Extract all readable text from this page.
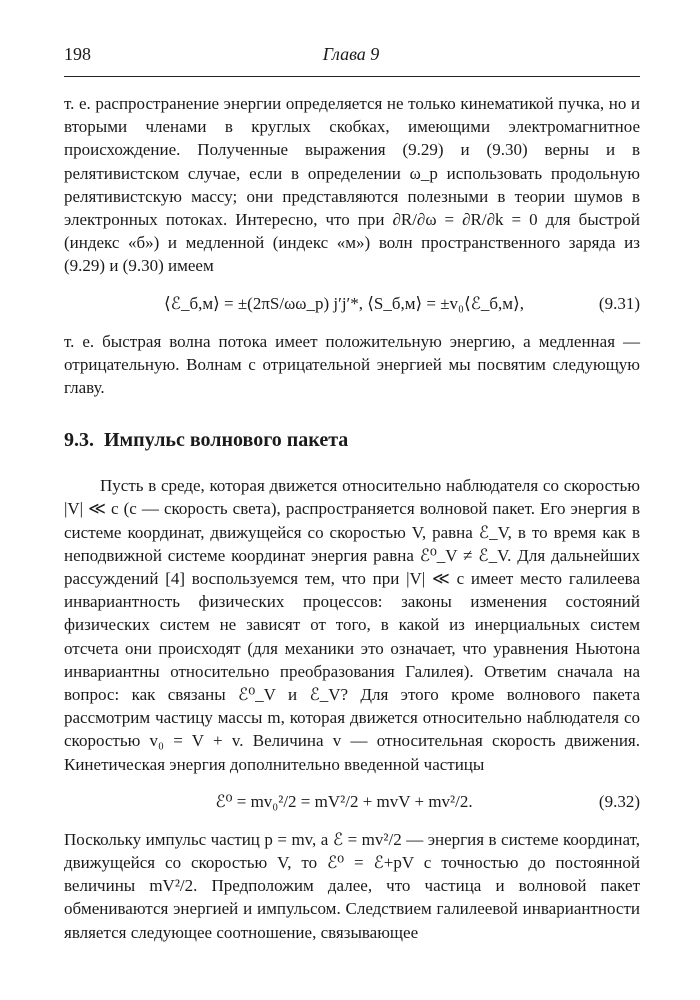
198	Глава 9

т. е. распространение энергии определяется не только кинематикой пучка, но и вторыми членами в круглых скобках, имеющими электромагнитное происхождение. Полученные выражения (9.29) и (9.30) верны и в релятивистском случае, если в определении ω_p использовать продольную релятивистскую массу; они представляются полезными в теории шумов в электронных потоках. Интересно, что при ∂R/∂ω = ∂R/∂k = 0 для быстрой (индекс «б») и медленной (индекс «м») волн пространственного заряда из (9.29) и (9.30) имеем

⟨ℰ_б,м⟩ = ±(2πS/ωω_p) j′j′*, ⟨S_б,м⟩ = ±v₀⟨ℰ_б,м⟩,	(9.31)

т. е. быстрая волна потока имеет положительную энергию, а медленная — отрицательную. Волнам с отрицательной энергией мы посвятим следующую главу.

9.3. Импульс волнового пакета

Пусть в среде, которая движется относительно наблюдателя со скоростью |V| ≪ c (c — скорость света), распространяется волновой пакет. Его энергия в системе координат, движущейся со скоростью V, равна ℰ_V, в то время как в неподвижной системе координат энергия равна ℰ⁰_V ≠ ℰ_V. Для дальнейших рассуждений [4] воспользуемся тем, что при |V| ≪ c имеет место галилеева инвариантность физических процессов: законы изменения состояний физических систем не зависят от того, в какой из инерциальных систем отсчета они происходят (для механики это означает, что уравнения Ньютона инвариантны относительно преобразования Галилея). Ответим сначала на вопрос: как связаны ℰ⁰_V и ℰ_V? Для этого кроме волнового пакета рассмотрим частицу массы m, которая движется относительно наблюдателя со скоростью v₀ = V + v. Величина v — относительная скорость движения. Кинетическая энергия дополнительно введенной частицы

ℰ⁰ = mv₀²/2 = mV²/2 + mvV + mv²/2.	(9.32)

Поскольку импульс частиц p = mv, а ℰ = mv²/2 — энергия в системе координат, движущейся со скоростью V, то ℰ⁰ = ℰ+pV с точностью до постоянной величины mV²/2. Предположим далее, что частица и волновой пакет обмениваются энергией и импульсом. Следствием галилеевой инвариантности является следующее соотношение, связывающее
